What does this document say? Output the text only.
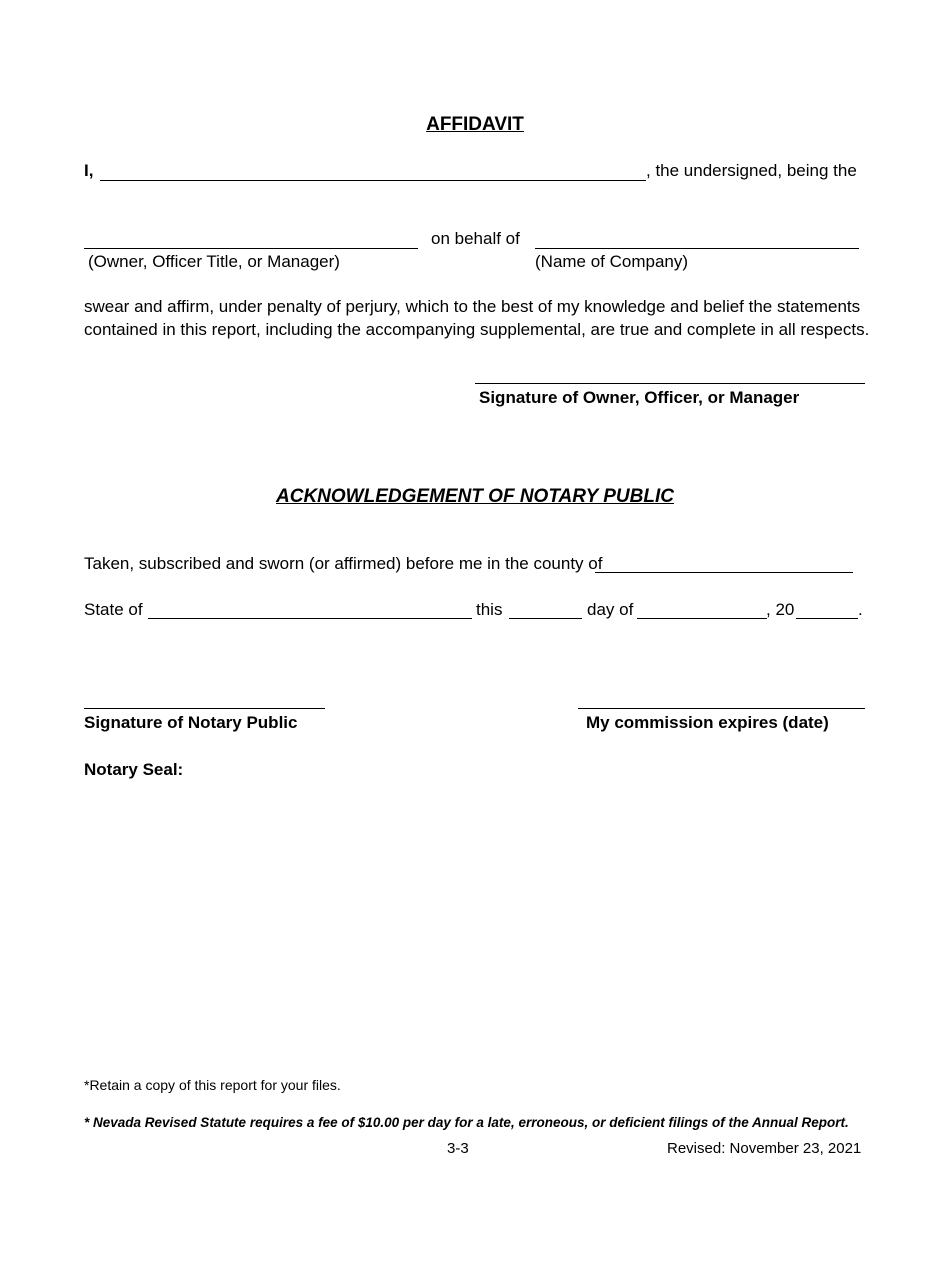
AFFIDAVIT
I,	, the undersigned, being the
on behalf of
(Owner, Officer Title, or Manager)	(Name of Company)
swear and affirm, under penalty of perjury, which to the best of my knowledge and belief the statements
contained in this report, including the accompanying supplemental, are true and complete in all respects.
Signature of Owner, Officer, or Manager
ACKNOWLEDGEMENT OF NOTARY PUBLIC
Taken, subscribed and sworn (or affirmed) before me in the county of
State of	this	day of	, 20	.
Signature of Notary Public	My commission expires (date)
Notary Seal:
*Retain a copy of this report for your files.
* Nevada Revised Statute requires a fee of $10.00 per day for a late, erroneous, or deficient filings of the Annual Report.
3-3	Revised: November 23, 2021
